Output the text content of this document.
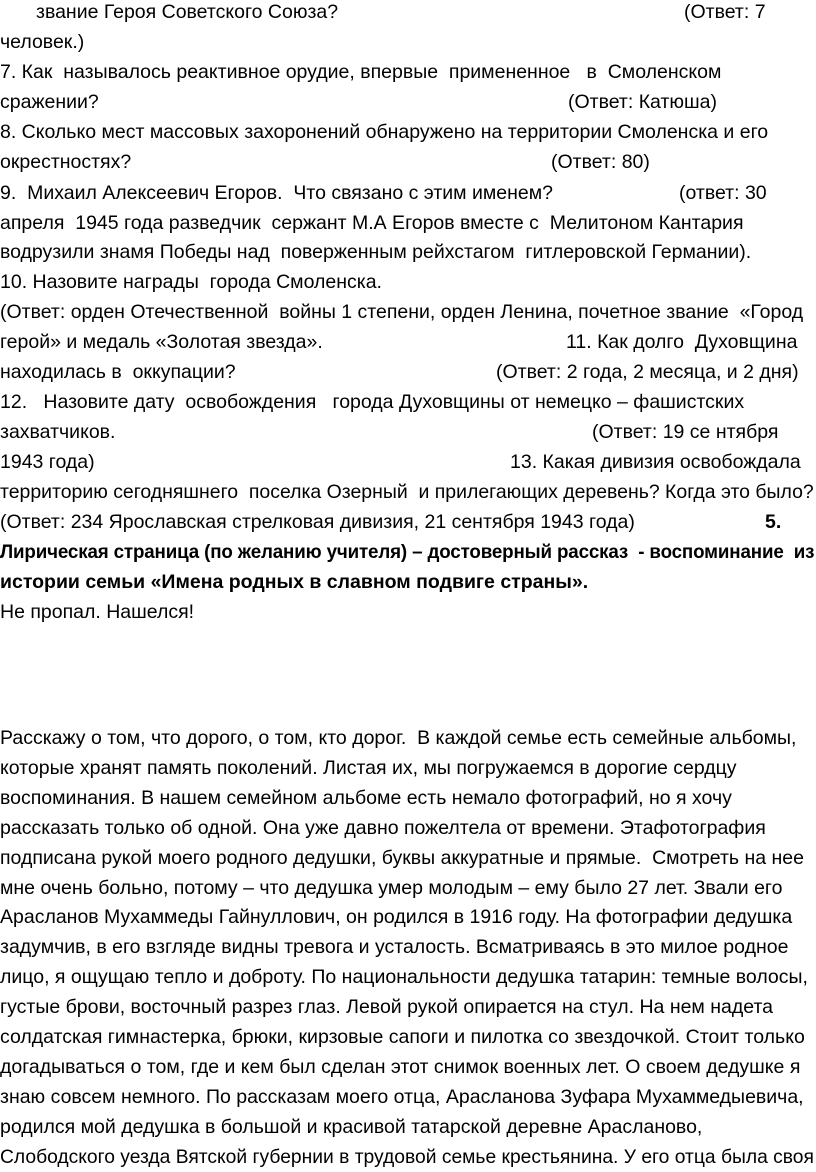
звание Героя Советского Союза?	(Ответ: 7
человек.)
7. Как  называлось реактивное орудие, впервые  примененное   в  Смоленском
сражении?	(Ответ: Катюша)
8. Сколько мест массовых захоронений обнаружено на территории Смоленска и его
окрестностях?	(Ответ: 80)
9.  Михаил Алексеевич Егоров.  Что связано с этим именем?	(ответ: 30
апреля  1945 года разведчик  сержант М.А Егоров вместе с  Мелитоном Кантария
водрузили знамя Победы над  поверженным рейхстагом  гитлеровской Германии).
10. Назовите награды  города Смоленска.
(Ответ: орден Отечественной  войны 1 степени, орден Ленина, почетное звание  «Город
герой» и медаль «Золотая звезда».	11. Как долго  Духовщина
находилась в  оккупации?	(Ответ: 2 года, 2 месяца, и 2 дня)
12.   Назовите дату  освобождения   города Духовщины от немецко – фашистских
захватчиков.	(Ответ: 19 се нтября
1943 года)	13. Какая дивизия освобождала
территорию сегодняшнего  поселка Озерный  и прилегающих деревень? Когда это было?
(Ответ: 234 Ярославская стрелковая дивизия, 21 сентября 1943 года)	5.
Лирическая страница (по желанию учителя) – достоверный рассказ  - воспоминание  из
истории семьи «Имена родных в славном подвиге страны».
Не пропал. Нашелся!
Расскажу о том, что дорого, о том, кто дорог.  В каждой семье есть семейные альбомы,
которые хранят память поколений. Листая их, мы погружаемся в дорогие сердцу
воспоминания. В нашем семейном альбоме есть немало фотографий, но я хочу
рассказать только об одной. Она уже давно пожелтела от времени. Этафотография
подписана рукой моего родного дедушки, буквы аккуратные и прямые.  Смотреть на нее
мне очень больно, потому – что дедушка умер молодым – ему было 27 лет. Звали его
Арасланов Мухаммеды Гайнуллович, он родился в 1916 году. На фотографии дедушка
задумчив, в его взгляде видны тревога и усталость. Всматриваясь в это милое родное
лицо, я ощущаю тепло и доброту. По национальности дедушка татарин: темные волосы,
густые брови, восточный разрез глаз. Левой рукой опирается на стул. На нем надета
солдатская гимнастерка, брюки, кирзовые сапоги и пилотка со звездочкой. Стоит только
догадываться о том, где и кем был сделан этот снимок военных лет. О своем дедушке я
знаю совсем немного. По рассказам моего отца, Арасланова Зуфара Мухаммедыевича,
родился мой дедушка в большой и красивой татарской деревне Арасланово,
Слободского уезда Вятской губернии в трудовой семье крестьянина. У его отца была своя
